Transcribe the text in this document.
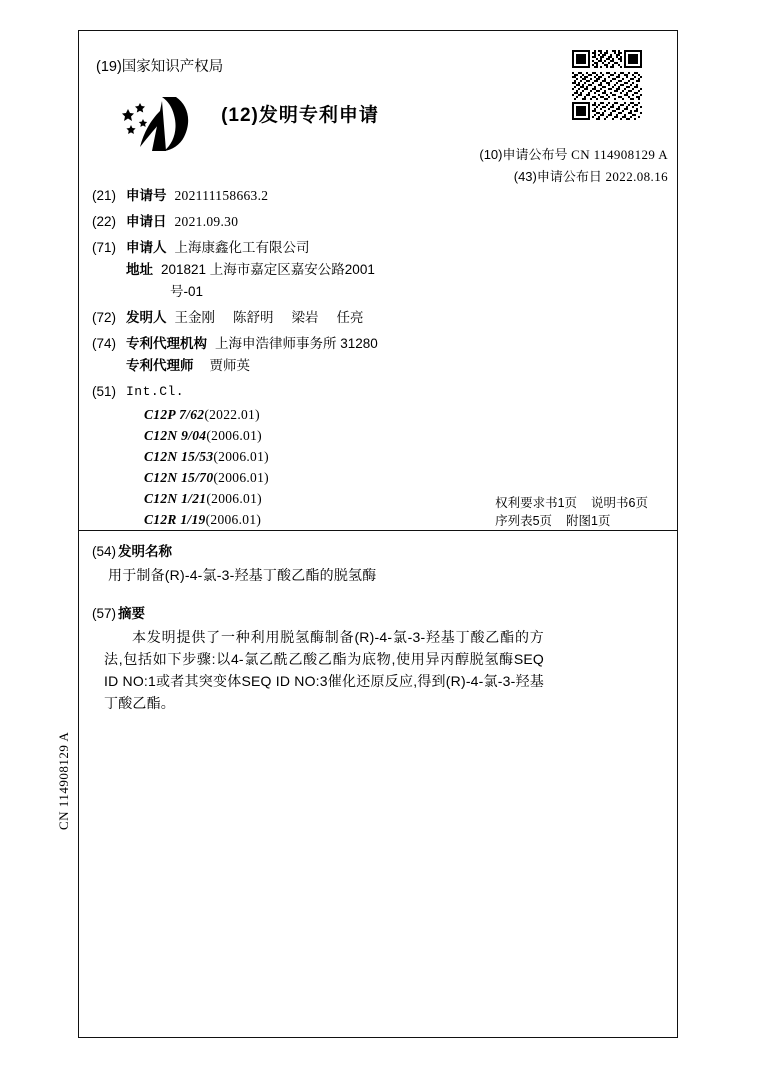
CN 114908129 A
(19)国家知识产权局
(12)发明专利申请
(10)申请公布号 CN 114908129 A
(43)申请公布日 2022.08.16
(21) 申请号 202111158663.2
(22) 申请日 2021.09.30
(71) 申请人 上海康鑫化工有限公司
地址 201821 上海市嘉定区嘉安公路2001
号-01
(72) 发明人 王金刚 陈舒明 梁岩 任亮
(74) 专利代理机构 上海申浩律师事务所 31280
专利代理师 贾师英
(51) Int.Cl.
C12P 7/62(2022.01)
C12N 9/04(2006.01)
C12N 15/53(2006.01)
C12N 15/70(2006.01)
C12N 1/21(2006.01)
C12R 1/19(2006.01)
权利要求书1页 说明书6页
序列表5页 附图1页
(54) 发明名称
用于制备(R)-4-氯-3-羟基丁酸乙酯的脱氢酶
(57) 摘要
本发明提供了一种利用脱氢酶制备(R)-4-氯-3-羟基丁酸乙酯的方法,包括如下步骤:以4-氯乙酰乙酸乙酯为底物,使用异丙醇脱氢酶SEQ ID NO:1或者其突变体SEQ ID NO:3催化还原反应,得到(R)-4-氯-3-羟基丁酸乙酯。
